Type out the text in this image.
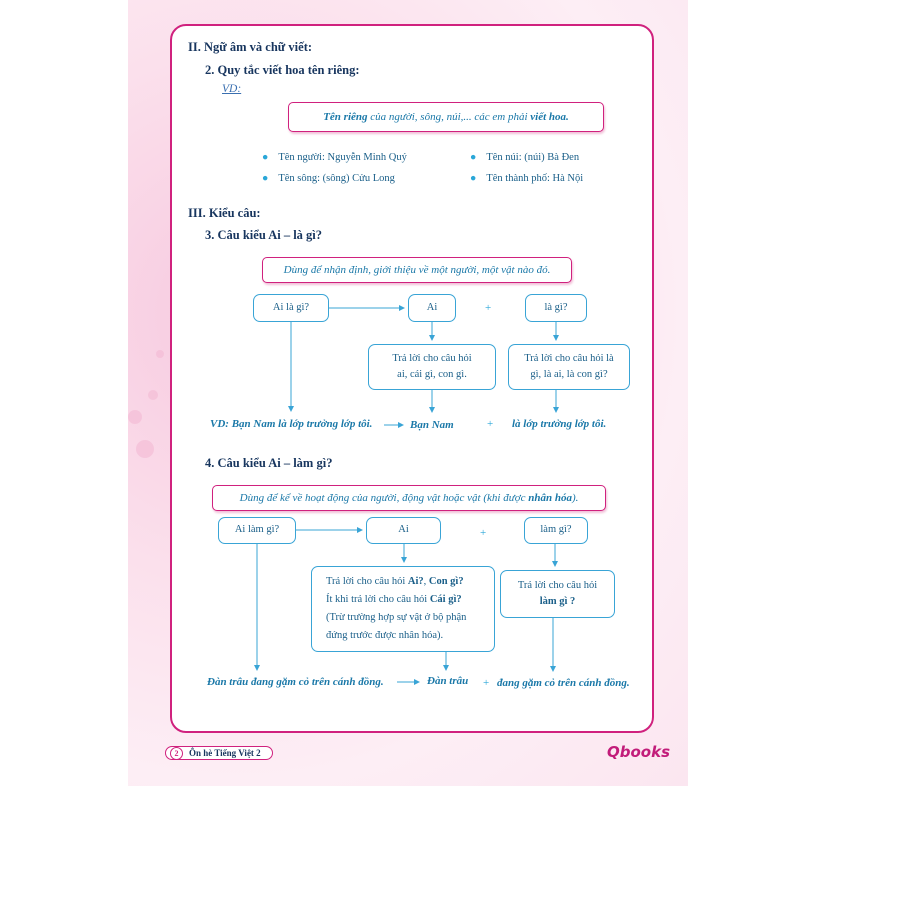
II. Ngữ âm và chữ viết:
2. Quy tắc viết hoa tên riêng:
VD:
Tên riêng của người, sông, núi,... các em phải viết hoa.
● Tên người: Nguyễn Minh Quý	● Tên núi: (núi) Bà Đen
● Tên sông: (sông) Cửu Long	● Tên thành phố: Hà Nội
III. Kiểu câu:
3. Câu kiểu Ai – là gì?
Dùng để nhận định, giới thiệu về một người, một vật nào đó.
Ai là gì?	Ai	+	là gì?
Trả lời cho câu hỏi
ai, cái gì, con gì.
Trả lời cho câu hỏi là
gì, là ai, là con gì?
VD: Bạn Nam là lớp trưởng lớp tôi.	Bạn Nam	+ là lớp trưởng lớp tôi.
4. Câu kiểu Ai – làm gì?
Dùng để kể về hoạt động của người, động vật hoặc vật (khi được nhân hóa).
Ai làm gì?	Ai	+	làm gì?
Trả lời cho câu hỏi Ai?, Con gì?
Ít khi trả lời cho câu hỏi Cái gì?
(Trừ trường hợp sự vật ở bộ phận
đứng trước được nhân hóa).
Trả lời cho câu hỏi
làm gì ?
Đàn trâu đang gặm cỏ trên cánh đồng.	Đàn trâu + đang gặm cỏ trên cánh đồng.
2	Ôn hè Tiếng Việt 2	Qbooks
